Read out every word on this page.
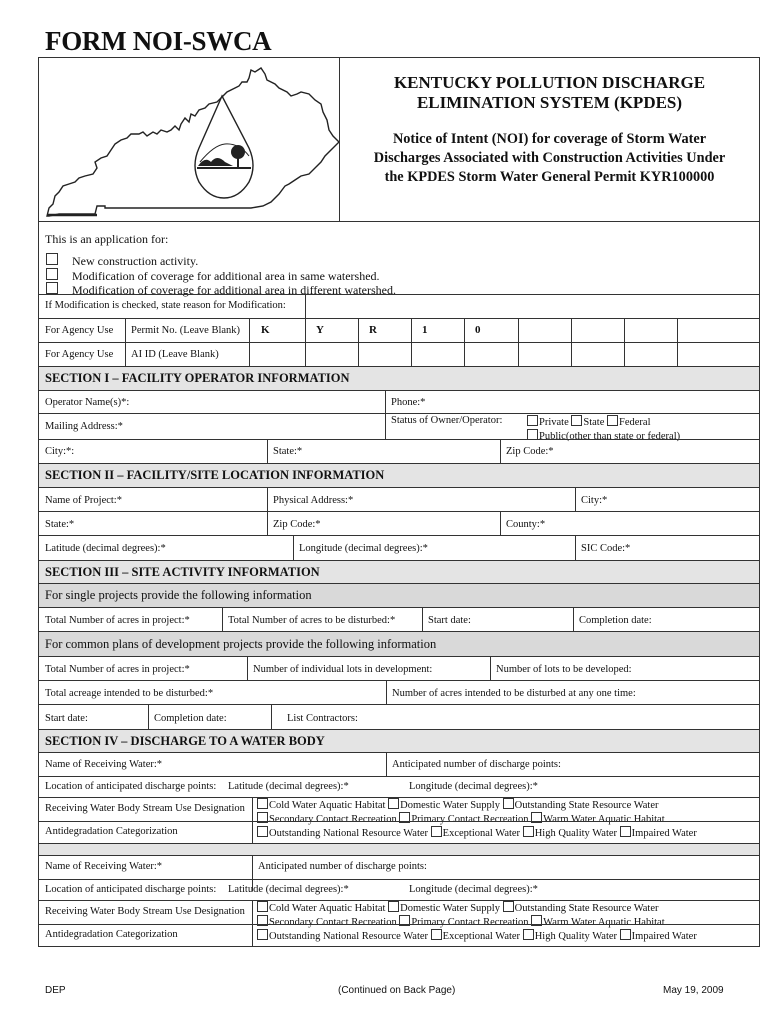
FORM NOI-SWCA
KENTUCKY POLLUTION DISCHARGE
ELIMINATION SYSTEM (KPDES)
Notice of Intent (NOI) for coverage of Storm Water
Discharges Associated with Construction Activities Under
the KPDES Storm Water General Permit KYR100000
This is an application for:
New construction activity.
Modification of coverage for additional area in same watershed.
Modification of coverage for additional area in different watershed.
If Modification is checked, state reason for Modification:
For Agency Use Permit No. (Leave Blank) K	Y	R	1	0
For Agency Use AI ID (Leave Blank)
SECTION I – FACILITY OPERATOR INFORMATION
Operator Name(s)*:	Phone:*
Mailing Address:*
Status of Owner/Operator:	Private State Federal
Public(other than state or federal)
City:*:	State:*	Zip Code:*
SECTION II – FACILITY/SITE LOCATION INFORMATION
Name of Project:*	Physical Address:*	City:*
State:*	Zip Code:*	County:*
Latitude (decimal degrees):*	Longitude (decimal degrees):*	SIC Code:*
SECTION III – SITE ACTIVITY INFORMATION
For single projects provide the following information
Total Number of acres in project:*	Total Number of acres to be disturbed:*	Start date:	Completion date:
For common plans of development projects provide the following information
Total Number of acres in project:*	Number of individual lots in development:	Number of lots to be developed:
Total acreage intended to be disturbed:*	Number of acres intended to be disturbed at any one time:
Start date:	Completion date:	List Contractors:
SECTION IV – DISCHARGE TO A WATER BODY
Name of Receiving Water:*	Anticipated number of discharge points:
Location of anticipated discharge points: Latitude (decimal degrees):*	Longitude (decimal degrees):*
Receiving Water Body Stream Use Designation	Cold Water Aquatic Habitat Domestic Water Supply Outstanding State Resource Water
Secondary Contact Recreation Primary Contact Recreation Warm Water Aquatic Habitat
Antidegradation Categorization	Outstanding National Resource Water Exceptional Water High Quality Water Impaired Water
Name of Receiving Water:*	Anticipated number of discharge points:
Location of anticipated discharge points: Latitude (decimal degrees):*	Longitude (decimal degrees):*
Receiving Water Body Stream Use Designation	Cold Water Aquatic Habitat Domestic Water Supply Outstanding State Resource Water
Secondary Contact Recreation Primary Contact Recreation Warm Water Aquatic Habitat
Antidegradation Categorization	Outstanding National Resource Water Exceptional Water High Quality Water Impaired Water
DEP	(Continued on Back Page)	May 19, 2009
